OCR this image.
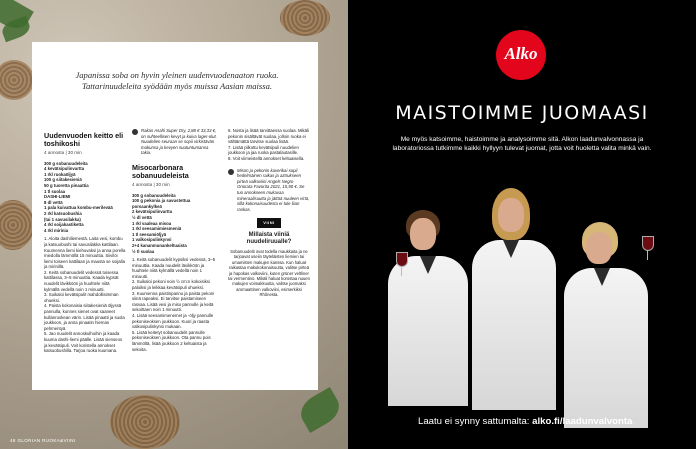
Japanissa soba on hyvin yleinen uudenvuodenaaton ruoka. Tattarinuudeleita syödään myös muissa Aasian maissa.
Uudenvuoden keitto eli toshikoshi
4 annosta | 30 min

300 g sobanuudeleita
4 kevätsipulinvartta
1 rkl ruokaöljyä
100 g siitakesieniä
50 g tuoretta pinaattia
1 tl suolaa
DASHI-LIEMI
8 dl vettä
1 pala kuivattua kombu-merilevää
2 rkl katsuobushia
(tai 1 savusilakka)
4 rkl soijakastiketta
4 rkl mirinia

1. Aloita dashiliemestä. Laita vesi, kombu ja katsuobushi tai savusilakka kattilaan. Kuumenna liemi kiehuvaksi ja anna porella miedolla lämmöllä 15 minuuttia. Siivilöi liemi toiseen kattilaan ja mausta se soijalla ja mirinillä.
2. Keitä sobanuudelit vedessä toisessa kattilassa, 3–5 minuuttia. Kaada kypsät nuudelit lävikköön ja huuhtele niitä kylmällä vedellä noin 1 minuutti.
3. Suikaloi kevätsipulit mahdollisimman ohueksi.
4. Paista kokonaisia siitakesieniä öljyssä pannulla, kunnes sienet ovat saaneet kullanruskean värin. Lisää pinaatti ja suola joukkoon, ja anna pinaatin hieman pehmentyä.
5. Jao nuudelit annoskulhoihin ja kaada kuuma dashi-liemi päälle. Lisää sienseos ja kevätsipuli. Voit koristella annokset katsuobushilla. Tarjoa ruoka kuumana.

Rakas Asahi Super Dry, 2,88 € 33,33 €, on suhteellisen kevyt ja kuiva lager-olut. Nuudelien seuraan se sopii virkistävän makunsa ja kevyen suutuntumansa takia.
Misocarbonara sobanuudeleista
4 annosta | 30 min

300 g sobanuudeleita
100 g pekonia ja savustettua porsaankylkeä
2 kevätsipulinvartta
½ dl vettä
1 rkl vaaleaa misoa
1 rkl seesamimiesmeniä
1 tl seesamiöljyä
1 valkosipulinkynsi
2+4 kananmunankeltuaista
½ tl suolaa

1. Keitä sobanuudelit kypsiksi vedessä, 3–5 minuuttia. Kaada nuudelit lävikköön ja huuhtele niitä kylmällä vedellä noin 1 minuutti.
2. Suikaloi pekoni noin ½ cm:n kokoisiksi paloiksi ja leikkaa kevätsipuli ohueksi.
3. Kuumenna paistinpannu ja paista pekoni siinä rapeaksi. Ei tarvitse paistamiseen rasvaa. Lisää vesi ja miso pannulle ja keitä sekoittaen noin 1 minuutti.
4. Lisää seesamimenemet ja -öljy pannulle pekoniseoksen joukkoon. Kuori ja raasta valkosipulinkynsi mukaan.
5. Lisää keitetyt sobanuudelit pannulle pekoniseoksen joukkoon. Ota pannu pois lämmöltä, lisää joukkoon 2 keltuaista ja sekoita.

6. Nosta ja lisää tarvittaessa suolaa. Mikäli pekonin sisältävät suolaa, jolloin ruoka ei välttämättä tarvitse suolaa lisää.
7. Lisää pilkottu kevätsipuli nuudelien joukkoon ja jaa ruoka pastalautasille.
8. Voit viimeistellä annokset keltuaisella.

Mison ja pekonin kaverikai sopii hedelmäinen raikas ja aztrukseen pirteä valkoviini Angels Negro Onorata Favorita 2021, 15,90 €. Se tuo annokseen mukavaa mineraalisuutta ja jättää nuuleen virtä, sillä kokonaisuudesta ei tule liian raskas.
VIINI
Millaista viiniä nuudeliruualle?
Sobanuudelit ovat todella maukkaita ja ne tarjoavat useiin täyteläisten liemien tai umamisten makujen kanssa. Kun haluat raikastaa makukokonaisuutta, valitse pirteä ja hapokas valkoviini, kuten grüner veltliner tai vermentino. Mikäli haluat korostaa nuuen makujen voimakkuutta, valitse juomaksi aromaattinen valkoviini, esimerkiksi Rhônesta.
48 GLORIAN RUOKA&VIINI
Alko
MAISTOIMME JUOMAASI
Me myös katsoimme, haistoimme ja analysoimme sitä. Alkon laadunvalvonnassa ja laboratoriossa tutkimme kaikki hyllyyn tulevat juomat, jotta voit huoletta valita minkä vain.
Laatu ei synny sattumalta: alko.fi/laadunvalvonta
